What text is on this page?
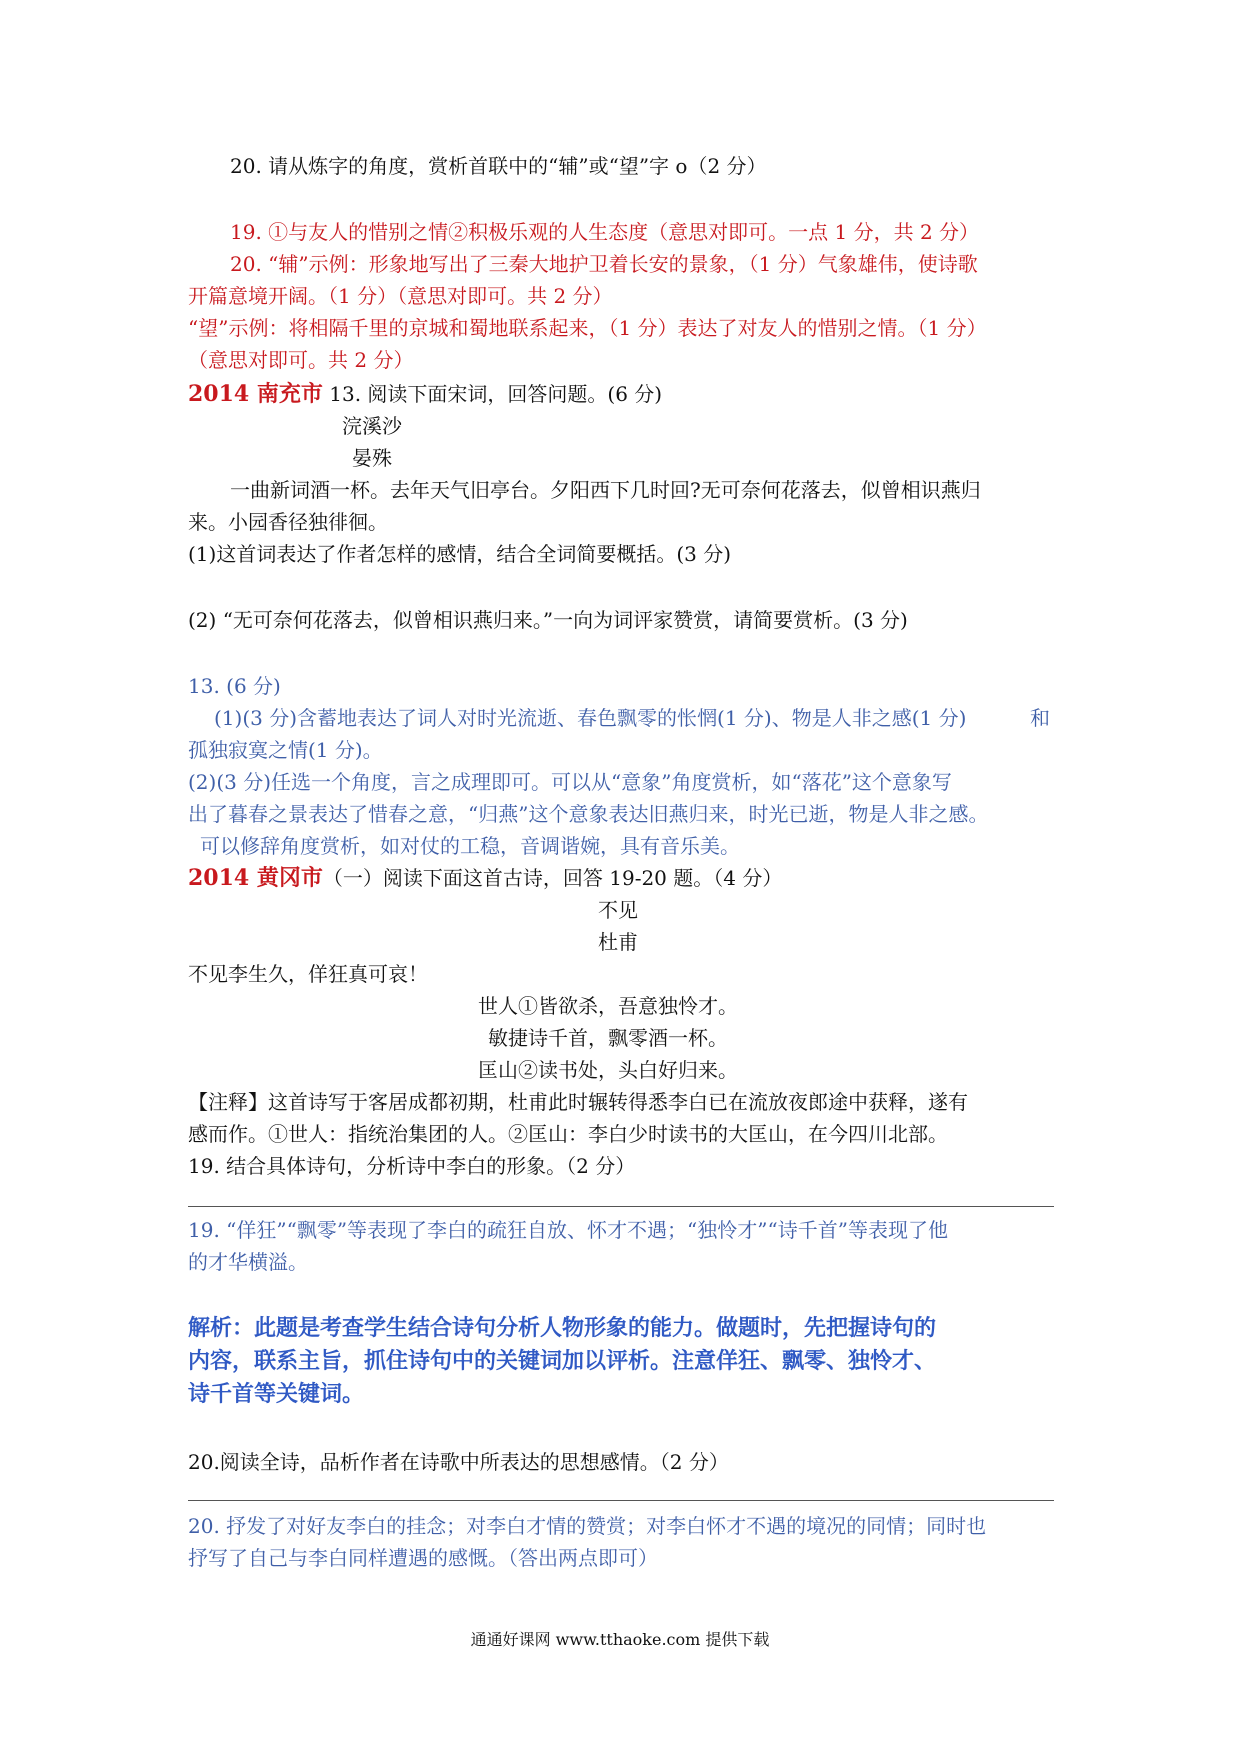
20. 请从炼字的角度，赏析首联中的“辅”或“望”字 o（2 分）
19. ①与友人的惜别之情②积极乐观的人生态度（意思对即可。一点 1 分，共 2 分）
20. “辅”示例：形象地写出了三秦大地护卫着长安的景象，（1 分）气象雄伟，使诗歌
开篇意境开阔。（1 分）（意思对即可。共 2 分）
“望”示例：将相隔千里的京城和蜀地联系起来，（1 分）表达了对友人的惜别之情。（1 分）
（意思对即可。共 2 分）
2014 南充市 13. 阅读下面宋词，回答问题。(6 分)
浣溪沙
晏殊
一曲新词酒一杯。去年天气旧亭台。夕阳西下几时回?无可奈何花落去，似曾相识燕归
来。小园香径独徘徊。
(1)这首词表达了作者怎样的感情，结合全词简要概括。(3 分)
(2) “无可奈何花落去，似曾相识燕归来。”一向为词评家赞赏，请简要赏析。(3 分)
13. (6 分)
(1)(3 分)含蓄地表达了词人对时光流逝、春色飘零的怅惘(1 分)、物是人非之感(1 分)	和
孤独寂寞之情(1 分)。
(2)(3 分)任选一个角度，言之成理即可。可以从“意象”角度赏析，如“落花”这个意象写
出了暮春之景表达了惜春之意，“归燕”这个意象表达旧燕归来，时光已逝，物是人非之感。
可以修辞角度赏析，如对仗的工稳，音调谐婉，具有音乐美。
2014 黄冈市（一）阅读下面这首古诗，回答 19-20 题。（4 分）
不见
杜甫
不见李生久，佯狂真可哀！
世人①皆欲杀，吾意独怜才。
敏捷诗千首，飘零酒一杯。
匡山②读书处，头白好归来。
【注释】这首诗写于客居成都初期，杜甫此时辗转得悉李白已在流放夜郎途中获释，遂有
感而作。①世人：指统治集团的人。②匡山：李白少时读书的大匡山，在今四川北部。
19. 结合具体诗句，分析诗中李白的形象。（2 分）
19. “佯狂”“飘零”等表现了李白的疏狂自放、怀才不遇；“独怜才”“诗千首”等表现了他
的才华横溢。
解析：此题是考查学生结合诗句分析人物形象的能力。做题时，先把握诗句的
内容，联系主旨，抓住诗句中的关键词加以评析。注意佯狂、飘零、独怜才、
诗千首等关键词。
20.阅读全诗，品析作者在诗歌中所表达的思想感情。（2 分）
20. 抒发了对好友李白的挂念；对李白才情的赞赏；对李白怀才不遇的境况的同情；同时也
抒写了自己与李白同样遭遇的感慨。（答出两点即可）
通通好课网 www.tthaoke.com 提供下载
